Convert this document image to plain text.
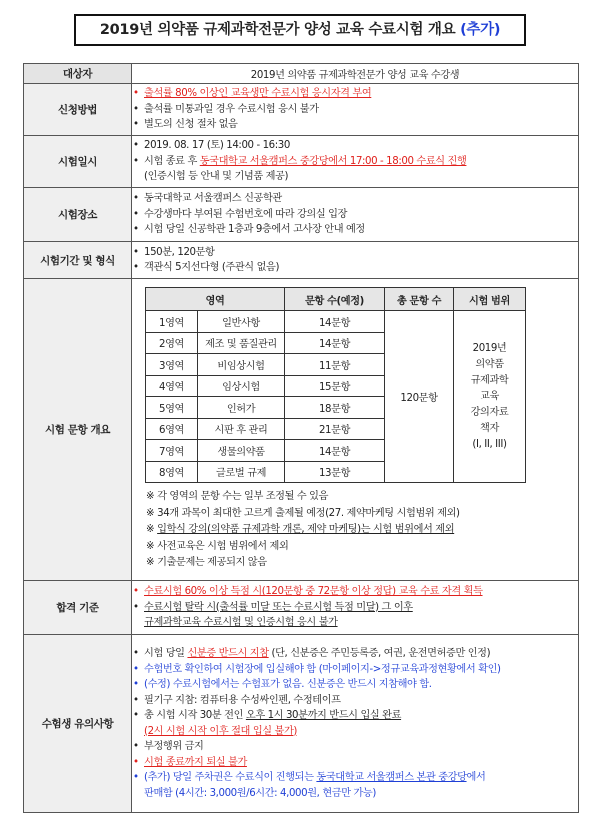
2019년 의약품 규제과학전문가 양성 교육 수료시험 개요 (추가)
대상자	2019년 의약품 규제과학전문가 양성 교육 수강생
신청방법	
• 출석률 80% 이상인 교육생만 수료시험 응시자격 부여
• 출석률 미통과일 경우 수료시험 응시 불가
• 별도의 신청 절차 없음

시험일시	
• 2019. 08. 17 (토) 14:00 - 16:30
• 시험 종료 후 동국대학교 서울캠퍼스 중강당에서 17:00 - 18:00 수료식 진행
(인증시험 등 안내 및 기념품 제공)

시험장소	
• 동국대학교 서울캠퍼스 신공학관
• 수강생마다 부여된 수험번호에 따라 강의실 입장
• 시험 당일 신공학관 1층과 9층에서 고사장 안내 예정

시험기간 및 형식	
• 150분, 120문항
• 객관식 5지선다형 (주관식 없음)

시험 문항 개요	
영역	문항 수(예정)	총 문항 수	시험 범위
1영역	일반사항	14문항	120문항	
2019년
의약품
규제과학
교육
강의자료
책자
(I, II, III)

2영역	제조 및 품질관리	14문항
3영역	비임상시험	11문항
4영역	임상시험	15문항
5영역	인허가	18문항
6영역	시판 후 관리	21문항
7영역	생물의약품	14문항
8영역	글로벌 규제	13문항
※ 각 영역의 문항 수는 일부 조정될 수 있음
※ 34개 과목이 최대한 고르게 출제될 예정(27. 제약마케팅 시험범위 제외)
※ 입학식 강의(의약품 규제과학 개론, 제약 마케팅)는 시험 범위에서 제외
※ 사전교육은 시험 범위에서 제외
※ 기출문제는 제공되지 않음

합격 기준	
• 수료시험 60% 이상 득점 시(120문항 중 72문항 이상 정답) 교육 수료 자격 획득
• 수료시험 탈락 시(출석률 미달 또는 수료시험 득점 미달) 그 이후
규제과학교육 수료시험 및 인증시험 응시 불가

수험생 유의사항	
• 시험 당일 신분증 반드시 지참 (단, 신분증은 주민등록증, 여권, 운전면허증만 인정)
• 수험번호 확인하여 시험장에 입실해야 함 (마이페이지->정규교육과정현황에서 확인)
• (수정) 수료시험에서는 수험표가 없음. 신분증은 반드시 지참해야 함.
• 필기구 지참: 컴퓨터용 수성싸인펜, 수정테이프
• 총 시험 시작 30분 전인 오후 1시 30분까지 반드시 입실 완료
(2시 시험 시작 이후 절대 입실 불가)
• 부정행위 금지
• 시험 종료까지 퇴실 불가
• (추가) 당일 주차권은 수료식이 진행되는 동국대학교 서울캠퍼스 본관 중강당에서
판매함 (4시간: 3,000원/6시간: 4,000원, 현금만 가능)
